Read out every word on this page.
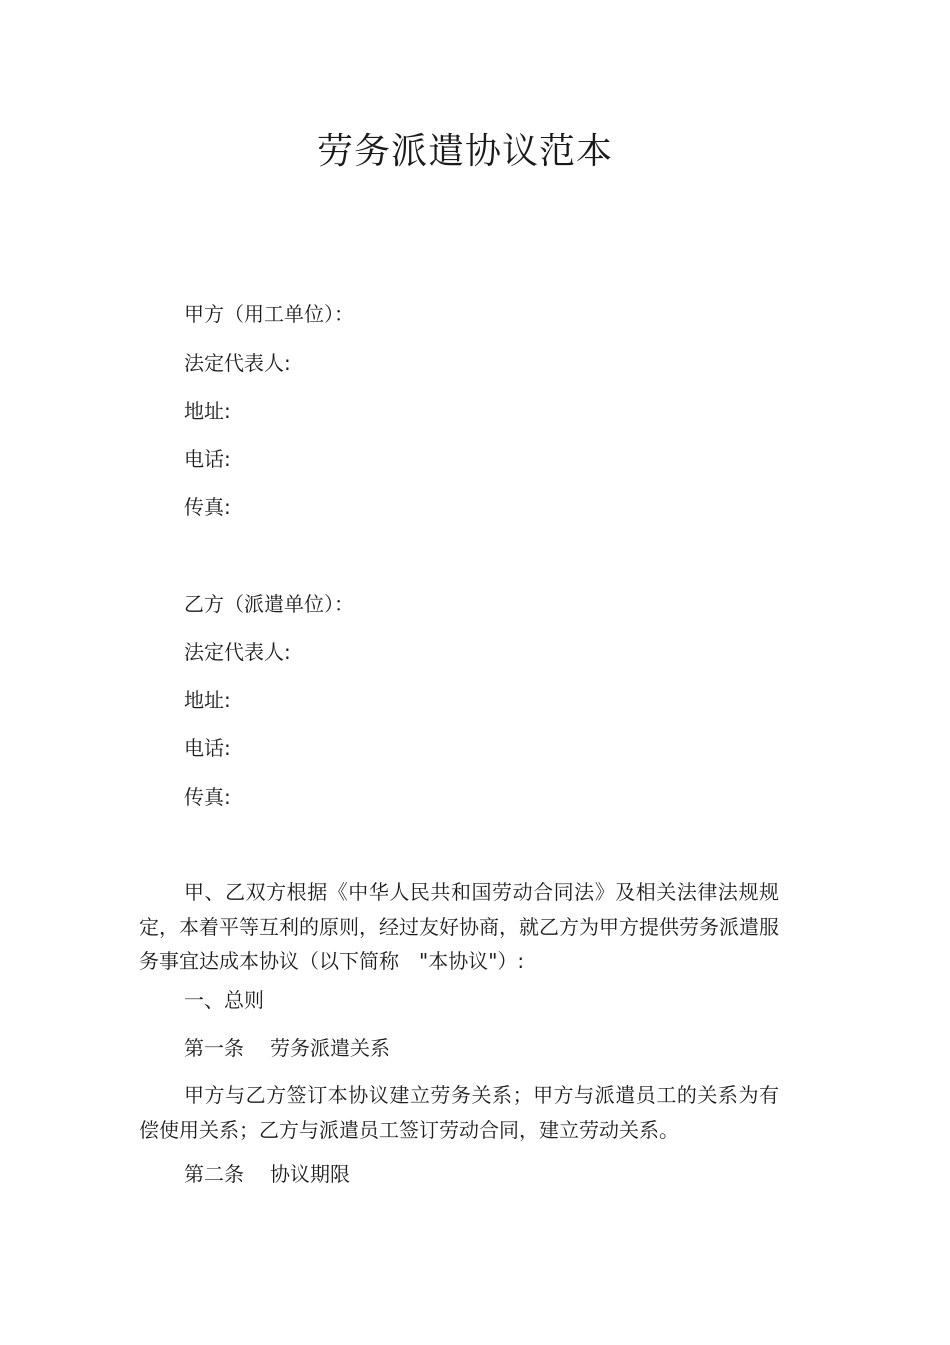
劳务派遣协议范本
甲方（用工单位）：
法定代表人:
地址:
电话:
传真:
乙方（派遣单位）：
法定代表人:
地址:
电话:
传真:

甲、乙双方根据《中华人民共和国劳动合同法》及相关法律法规规定，本着平等互利的原则，经过友好协商，就乙方为甲方提供劳务派遣服务事宜达成本协议（以下简称　"本协议"）:

一、总则
第一条 劳务派遣关系

甲方与乙方签订本协议建立劳务关系；甲方与派遣员工的关系为有偿使用关系；乙方与派遣员工签订劳动合同，建立劳动关系。

第二条 协议期限
